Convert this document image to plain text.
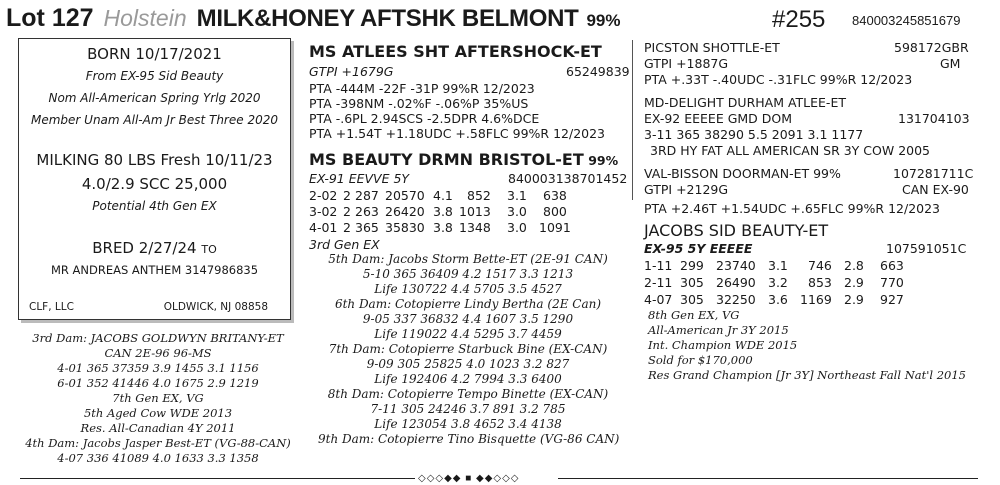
Lot 127 Holstein MILK&HONEY AFTSHK BELMONT 99%	#255 840003245851679
BORN 10/17/2021
From EX-95 Sid Beauty
Nom All-American Spring Yrlg 2020
Member Unam All-Am Jr Best Three 2020
MILKING 80 LBS Fresh 10/11/23
4.0/2.9 SCC 25,000
Potential 4th Gen EX
BRED 2/27/24 TO
MR ANDREAS ANTHEM 3147986835
CLF, LLC	OLDWICK, NJ 08858
3rd Dam: JACOBS GOLDWYN BRITANY-ET
CAN 2E-96 96-MS
4-01 365 37359 3.9 1455 3.1 1156
6-01 352 41446 4.0 1675 2.9 1219
7th Gen EX, VG
5th Aged Cow WDE 2013
Res. All-Canadian 4Y 2011
4th Dam: Jacobs Jasper Best-ET (VG-88-CAN)
4-07 336 41089 4.0 1633 3.3 1358
MS ATLEES SHT AFTERSHOCK-ET
GTPI +1679G	65249839
PTA -444M -22F -31P 99%R 12/2023
PTA -398NM -.02%F -.06%P 35%US
PTA -.6PL 2.94SCS -2.5DPR 4.6%DCE
PTA +1.54T +1.18UDC +.58FLC 99%R 12/2023
MS BEAUTY DRMN BRISTOL-ET 99%
EX-91 EEVVE 5Y	840003138701452
2-02 2 287 20570 4.1 852 3.1 638
3-02 2 263 26420 3.8 1013 3.0 800
4-01 2 365 35830 3.8 1348 3.0 1091
3rd Gen EX
5th Dam: Jacobs Storm Bette-ET (2E-91 CAN)
5-10 365 36409 4.2 1517 3.3 1213
Life 130722 4.4 5705 3.5 4527
6th Dam: Cotopierre Lindy Bertha (2E Can)
9-05 337 36832 4.4 1607 3.5 1290
Life 119022 4.4 5295 3.7 4459
7th Dam: Cotopierre Starbuck Bine (EX-CAN)
9-09 305 25825 4.0 1023 3.2 827
Life 192406 4.2 7994 3.3 6400
8th Dam: Cotopierre Tempo Binette (EX-CAN)
7-11 305 24246 3.7 891 3.2 785
Life 123054 3.8 4652 3.4 4138
9th Dam: Cotopierre Tino Bisquette (VG-86 CAN)
PICSTON SHOTTLE-ET	598172GBR
GTPI +1887G	GM
PTA +.33T -.40UDC -.31FLC 99%R 12/2023
MD-DELIGHT DURHAM ATLEE-ET
EX-92 EEEEE GMD DOM	131704103
3-11 365 38290 5.5 2091 3.1 1177
3RD HY FAT ALL AMERICAN SR 3Y COW 2005
VAL-BISSON DOORMAN-ET 99%	107281711C
GTPI +2129G	CAN EX-90
PTA +2.46T +1.54UDC +.65FLC 99%R 12/2023
JACOBS SID BEAUTY-ET
EX-95 5Y EEEEE	107591051C
1-11 299 23740 3.1 746 2.8 663
2-11 305 26490 3.2 853 2.9 770
4-07 305 32250 3.6 1169 2.9 927
8th Gen EX, VG
All-American Jr 3Y 2015
Int. Champion WDE 2015
Sold for $170,000
Res Grand Champion [Jr 3Y] Northeast Fall Nat'l 2015
◇◇◇◆◆ ■ ◆◆◇◇◇
